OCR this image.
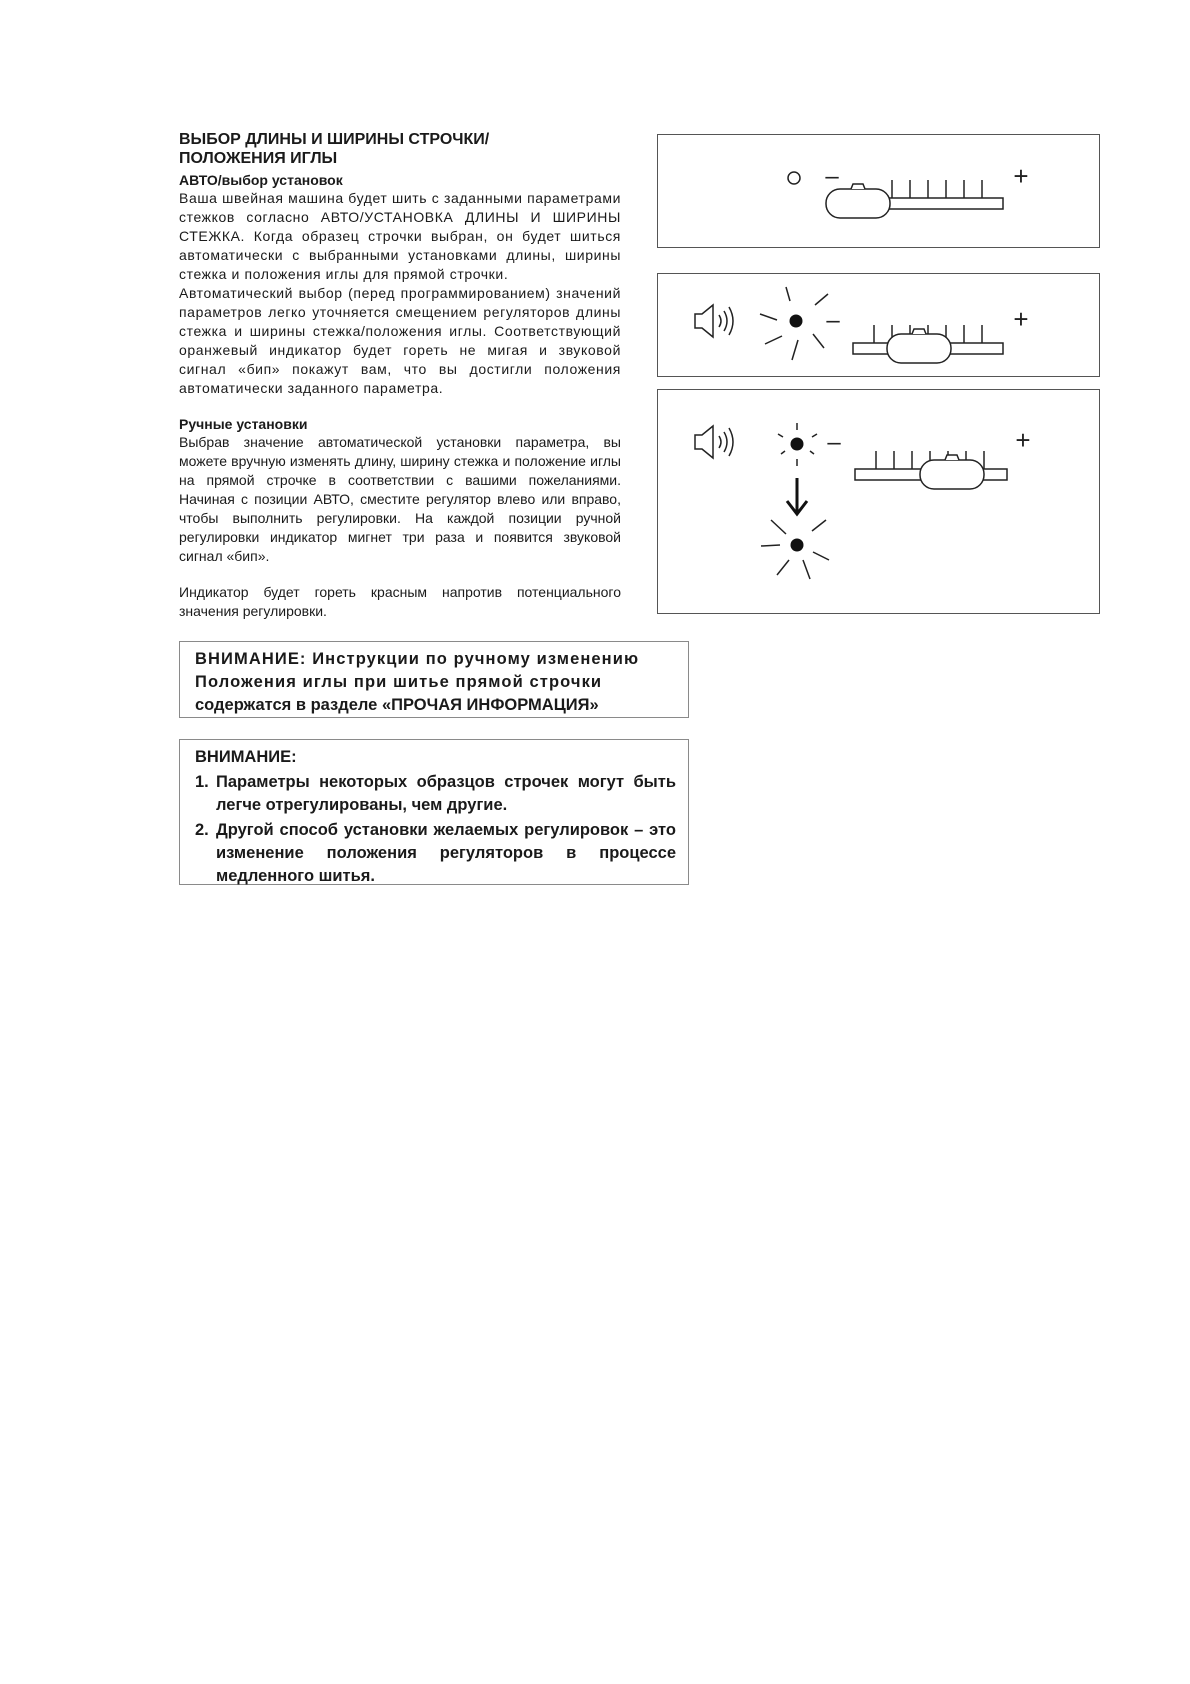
ВЫБОР ДЛИНЫ И ШИРИНЫ СТРОЧКИ/
ПОЛОЖЕНИЯ ИГЛЫ

АВТО/выбор установок

Ваша швейная машина будет шить с заданными параметрами стежков согласно АВТО/УСТАНОВКА ДЛИНЫ И ШИРИНЫ СТЕЖКА. Когда образец строчки выбран, он будет шиться автоматически с выбранными установками длины, ширины стежка и положения иглы для прямой строчки.

Автоматический выбор (перед программированием) значений параметров легко уточняется смещением регуляторов длины стежка и ширины стежка/положения иглы. Соответствующий оранжевый индикатор будет гореть не мигая и звуковой сигнал «бип» покажут вам, что вы достигли положения автоматически заданного параметра.

Ручные установки

Выбрав значение автоматической установки параметра, вы можете вручную изменять длину, ширину стежка и положение иглы на прямой строчке в соответствии с вашими пожеланиями. Начиная с позиции АВТО, сместите регулятор влево или вправо, чтобы выполнить регулировки. На каждой позиции ручной регулировки индикатор мигнет три раза и появится звуковой сигнал «бип».

Индикатор будет гореть красным напротив потенциального значения регулировки.

ВНИМАНИЕ: Инструкции по ручному изменению

Положения иглы при шитье прямой строчки

содержатся в разделе «ПРОЧАЯ ИНФОРМАЦИЯ»

ВНИМАНИЕ:
1. Параметры некоторых образцов строчек могут быть легче отрегулированы, чем другие.
2. Другой способ установки желаемых регулировок – это изменение положения регуляторов в процессе медленного шитья.
–	+
–	+
–	+
